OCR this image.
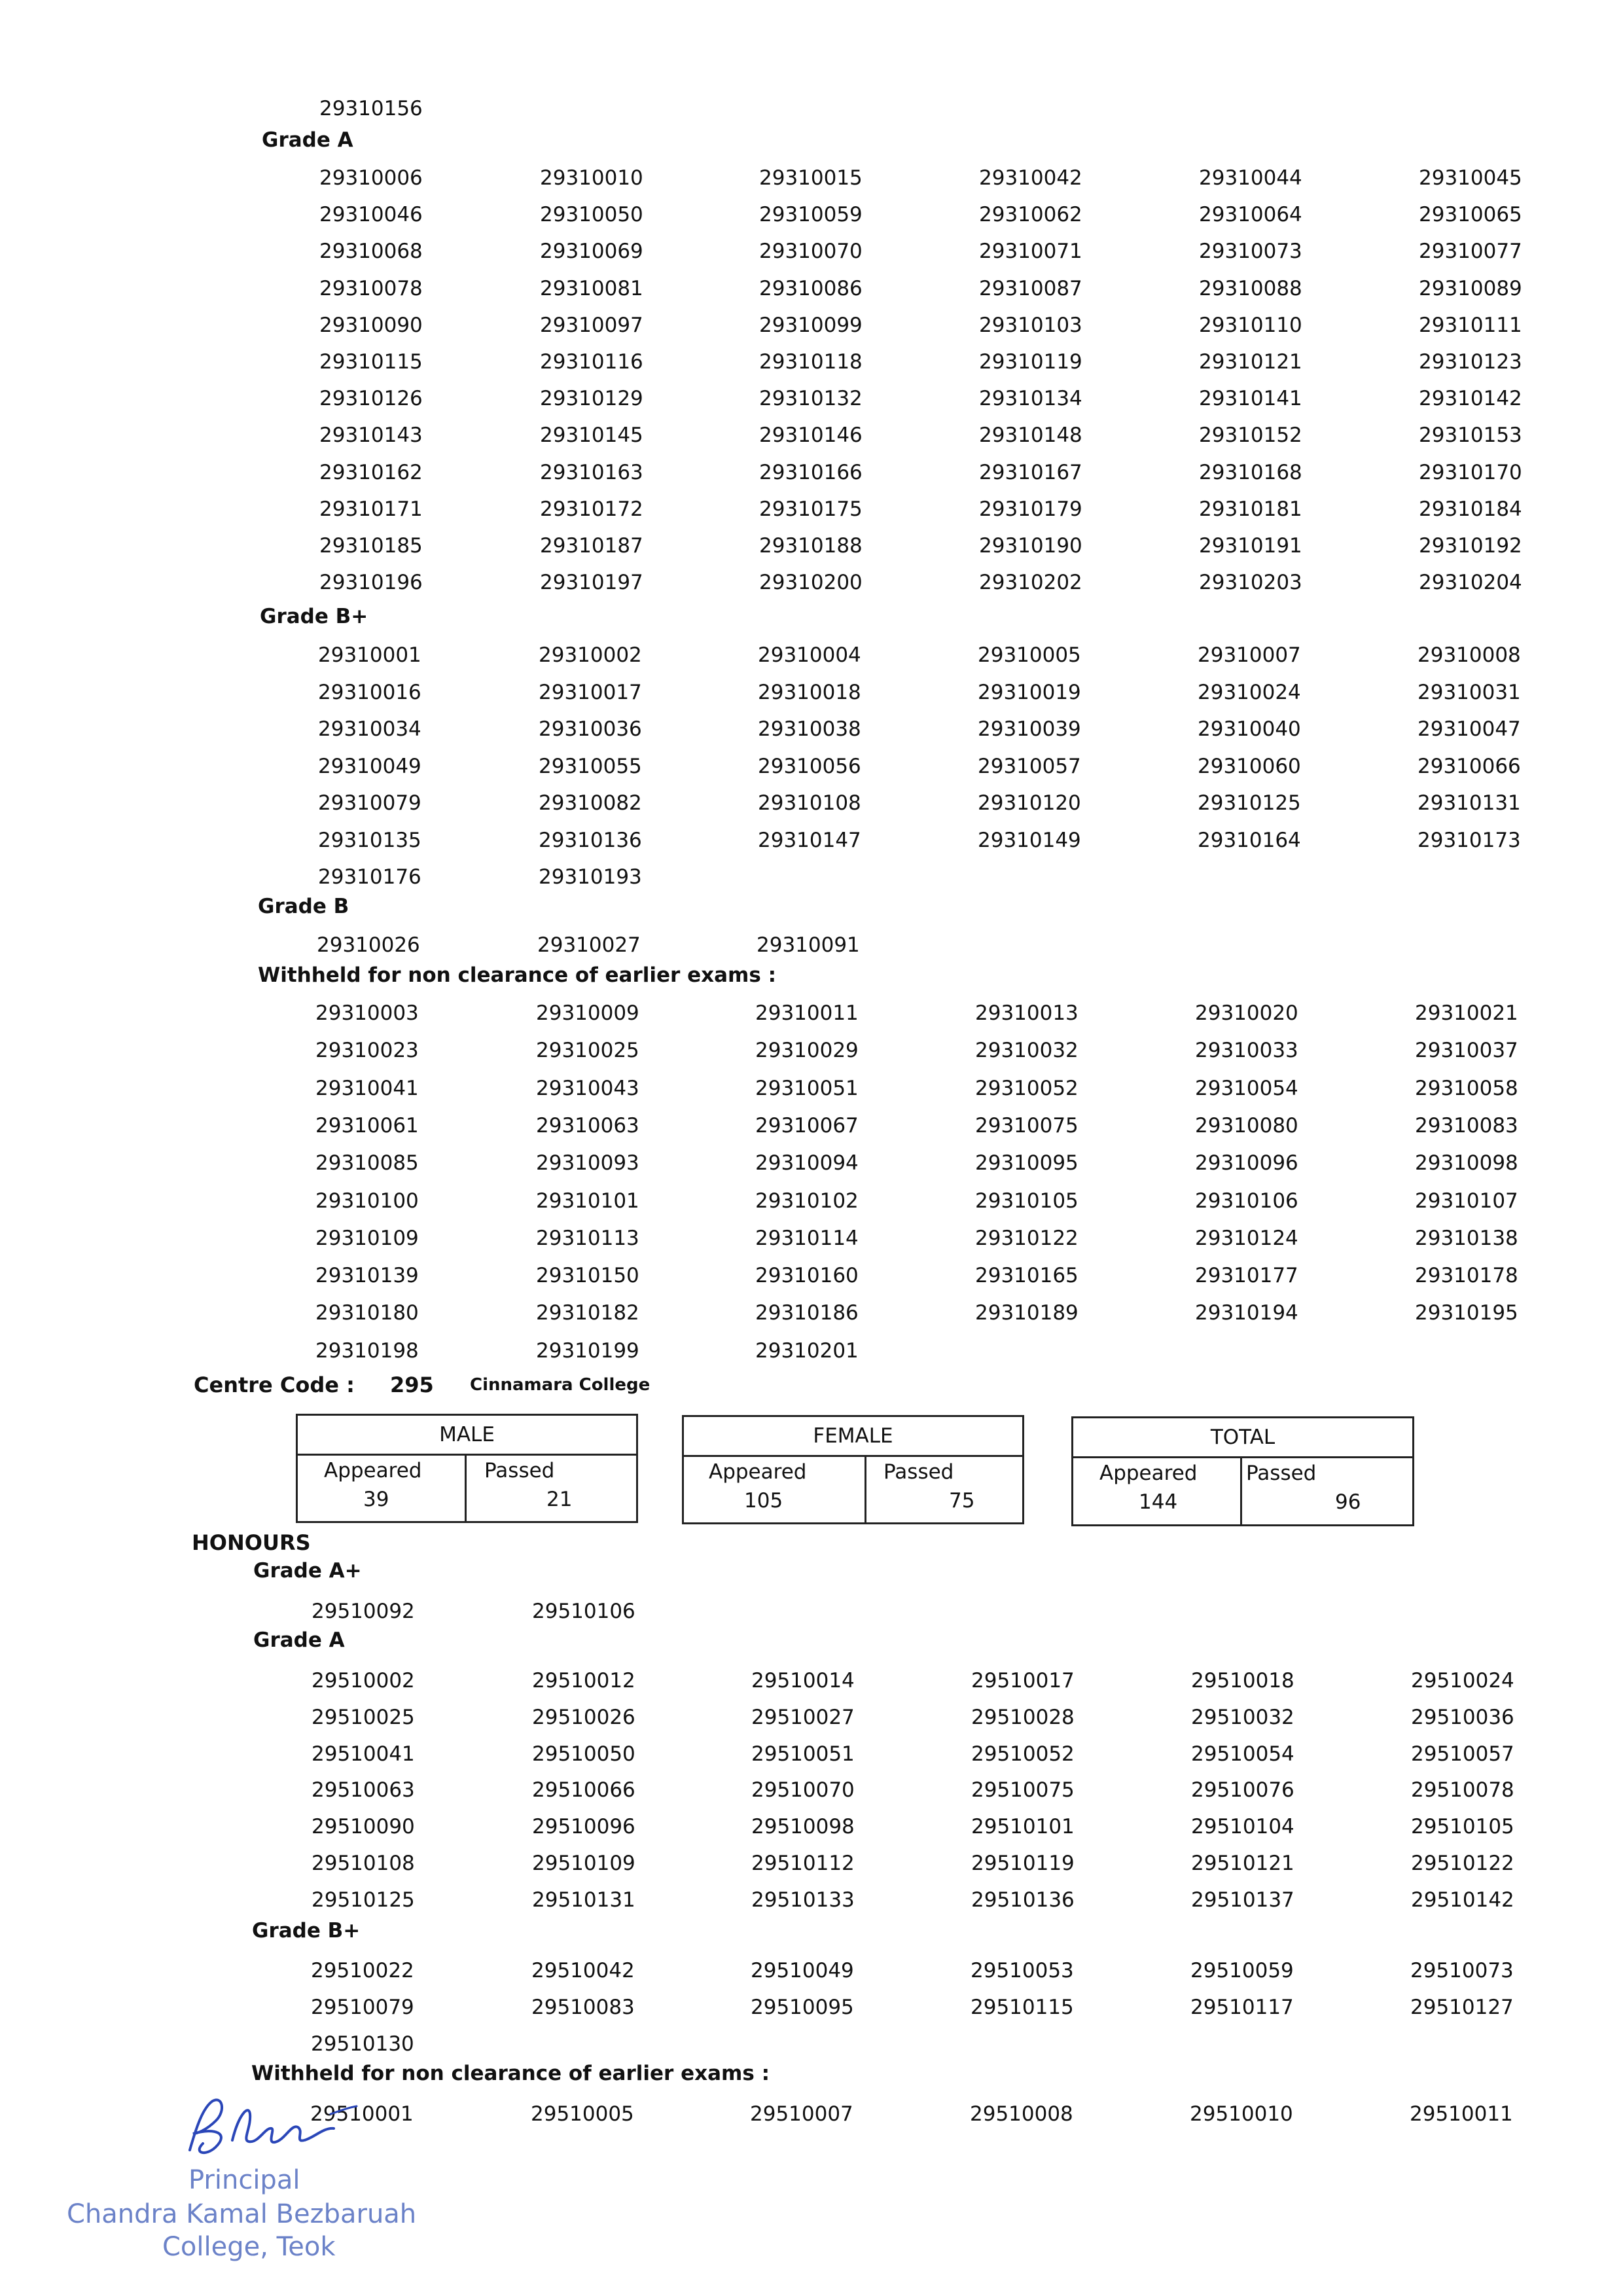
29310156
Grade A
29310006	29310010	29310015	29310042	29310044	29310045
29310046	29310050	29310059	29310062	29310064	29310065
29310068	29310069	29310070	29310071	29310073	29310077
29310078	29310081	29310086	29310087	29310088	29310089
29310090	29310097	29310099	29310103	29310110	29310111
29310115	29310116	29310118	29310119	29310121	29310123
29310126	29310129	29310132	29310134	29310141	29310142
29310143	29310145	29310146	29310148	29310152	29310153
29310162	29310163	29310166	29310167	29310168	29310170
29310171	29310172	29310175	29310179	29310181	29310184
29310185	29310187	29310188	29310190	29310191	29310192
29310196	29310197	29310200	29310202	29310203	29310204
Grade B+
29310001	29310002	29310004	29310005	29310007	29310008
29310016	29310017	29310018	29310019	29310024	29310031
29310034	29310036	29310038	29310039	29310040	29310047
29310049	29310055	29310056	29310057	29310060	29310066
29310079	29310082	29310108	29310120	29310125	29310131
29310135	29310136	29310147	29310149	29310164	29310173
29310176	29310193
Grade B
29310026	29310027	29310091
Withheld for non clearance of earlier exams :
29310003	29310009	29310011	29310013	29310020	29310021
29310023	29310025	29310029	29310032	29310033	29310037
29310041	29310043	29310051	29310052	29310054	29310058
29310061	29310063	29310067	29310075	29310080	29310083
29310085	29310093	29310094	29310095	29310096	29310098
29310100	29310101	29310102	29310105	29310106	29310107
29310109	29310113	29310114	29310122	29310124	29310138
29310139	29310150	29310160	29310165	29310177	29310178
29310180	29310182	29310186	29310189	29310194	29310195
29310198	29310199	29310201
Centre Code : 295 Cinnamara College
MALE
Appeared	Passed
39	21
FEMALE
Appeared	Passed
105	75
TOTAL
Appeared Passed
144	96
HONOURS
Grade A+
29510092	29510106
Grade A
29510002	29510012	29510014	29510017	29510018	29510024
29510025	29510026	29510027	29510028	29510032	29510036
29510041	29510050	29510051	29510052	29510054	29510057
29510063	29510066	29510070	29510075	29510076	29510078
29510090	29510096	29510098	29510101	29510104	29510105
29510108	29510109	29510112	29510119	29510121	29510122
29510125	29510131	29510133	29510136	29510137	29510142
Grade B+
29510022	29510042	29510049	29510053	29510059	29510073
29510079	29510083	29510095	29510115	29510117	29510127
29510130
Withheld for non clearance of earlier exams :
29510001	29510005	29510007	29510008	29510010	29510011
Principal
Chandra Kamal Bezbaruah
College, Teok
